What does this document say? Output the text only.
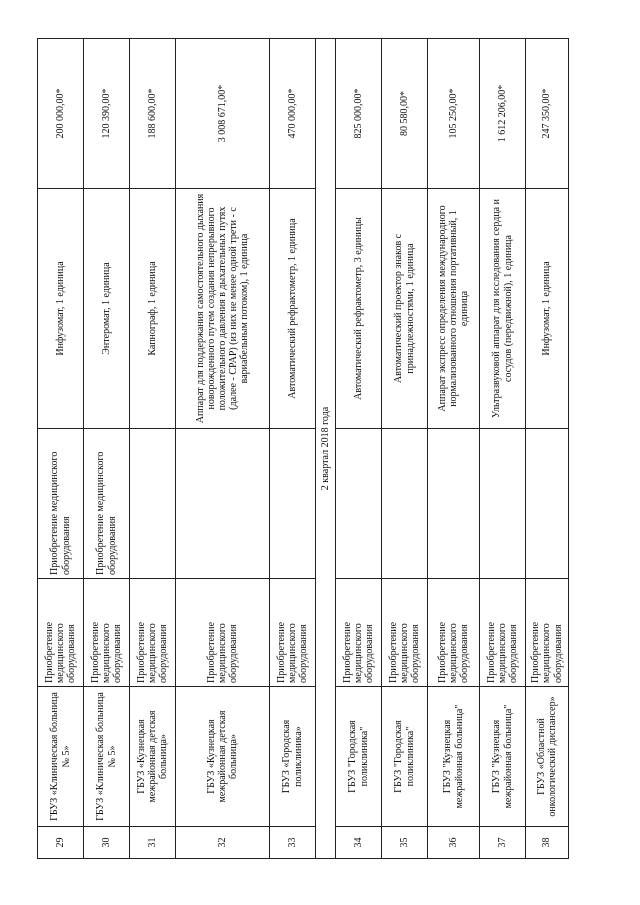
29	ГБУЗ «Клиническая больница № 5»	Приобретение медицинского оборудования	Приобретение медицинского оборудования	Инфузомат, 1 единица	200 000,00*
30	ГБУЗ «Клиническая больница № 5»	Приобретение медицинского оборудования	Приобретение медицинского оборудования	Энтеромат, 1 единица	120 390,00*
31	ГБУЗ «Кузнецкая межрайонная детская больница»	Приобретение медицинского оборудования		Капнограф, 1 единица	188 600,00*
32	ГБУЗ «Кузнецкая межрайонная детская больница»	Приобретение медицинского оборудования		Аппарат для поддержания самостоятельного дыхания новорожденного путем создания непрерывного положительного давления в дыхательных путях (далее - CPAP) (из них не менее одной трети - с вариабельным потоком), 1 единица	3 008 671,00*
33	ГБУЗ «Городская поликлиника»	Приобретение медицинского оборудования		Автоматический рефрактометр, 1 единица	470 000,00*
2 квартал 2018 года					
34	ГБУЗ "Городская поликлиника"	Приобретение медицинского оборудования		Автоматический рефрактометр, 3 единицы	825 000,00*
35	ГБУЗ "Городская поликлиника"	Приобретение медицинского оборудования		Автоматический проектор знаков с принадлежностями, 1 единица	80 580,00*
36	ГБУЗ "Кузнецкая межрайонная больница"	Приобретение медицинского оборудования		Аппарат экспресс определения международного нормализованного отношения портативный, 1 единица	105 250,00*
37	ГБУЗ "Кузнецкая межрайонная больница"	Приобретение медицинского оборудования		Ультразвуковой аппарат для исследования сердца и сосудов (передвижной), 1 единица	1 612 206,00*
38	ГБУЗ «Областной онкологический диспансер»	Приобретение медицинского оборудования		Инфузомат, 1 единица	247 350,00*
